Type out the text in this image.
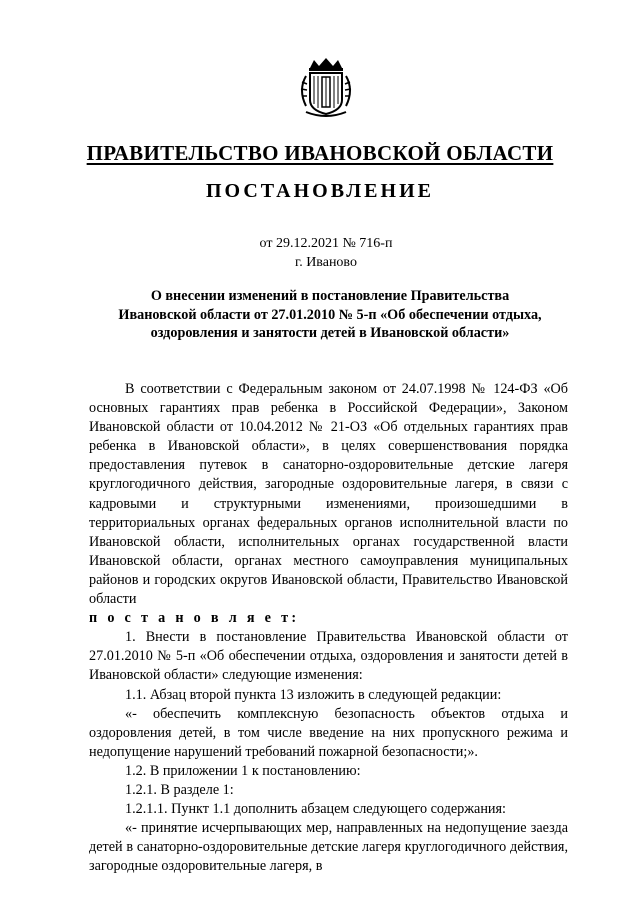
ПРАВИТЕЛЬСТВО ИВАНОВСКОЙ ОБЛАСТИ
ПОСТАНОВЛЕНИЕ
от 29.12.2021 № 716-п
г. Иваново
О внесении изменений в постановление Правительства
Ивановской области от 27.01.2010 № 5-п «Об обеспечении отдыха,
оздоровления и занятости детей в Ивановской области»

В соответствии с Федеральным законом от 24.07.1998 № 124-ФЗ «Об основных гарантиях прав ребенка в Российской Федерации», Законом Ивановской области от 10.04.2012 № 21-ОЗ «Об отдельных гарантиях прав ребенка в Ивановской области», в целях совершенствования порядка предоставления путевок в санаторно-оздоровительные детские лагеря круглогодичного действия, загородные оздоровительные лагеря, в связи с кадровыми и структурными изменениями, произошедшими в территориальных органах федеральных органов исполнительной власти по Ивановской области, исполнительных органах государственной власти Ивановской области, органах местного самоуправления муниципальных районов и городских округов Ивановской области, Правительство Ивановской области

п о с т а н о в л я е т:

1. Внести в постановление Правительства Ивановской области от 27.01.2010 № 5-п «Об обеспечении отдыха, оздоровления и занятости детей в Ивановской области» следующие изменения:

1.1. Абзац второй пункта 13 изложить в следующей редакции:

«- обеспечить комплексную безопасность объектов отдыха и оздоровления детей, в том числе введение на них пропускного режима и недопущение нарушений требований пожарной безопасности;».

1.2. В приложении 1 к постановлению:

1.2.1. В разделе 1:

1.2.1.1. Пункт 1.1 дополнить абзацем следующего содержания:

«- принятие исчерпывающих мер, направленных на недопущение заезда детей в санаторно-оздоровительные детские лагеря круглогодичного действия, загородные оздоровительные лагеря, в
